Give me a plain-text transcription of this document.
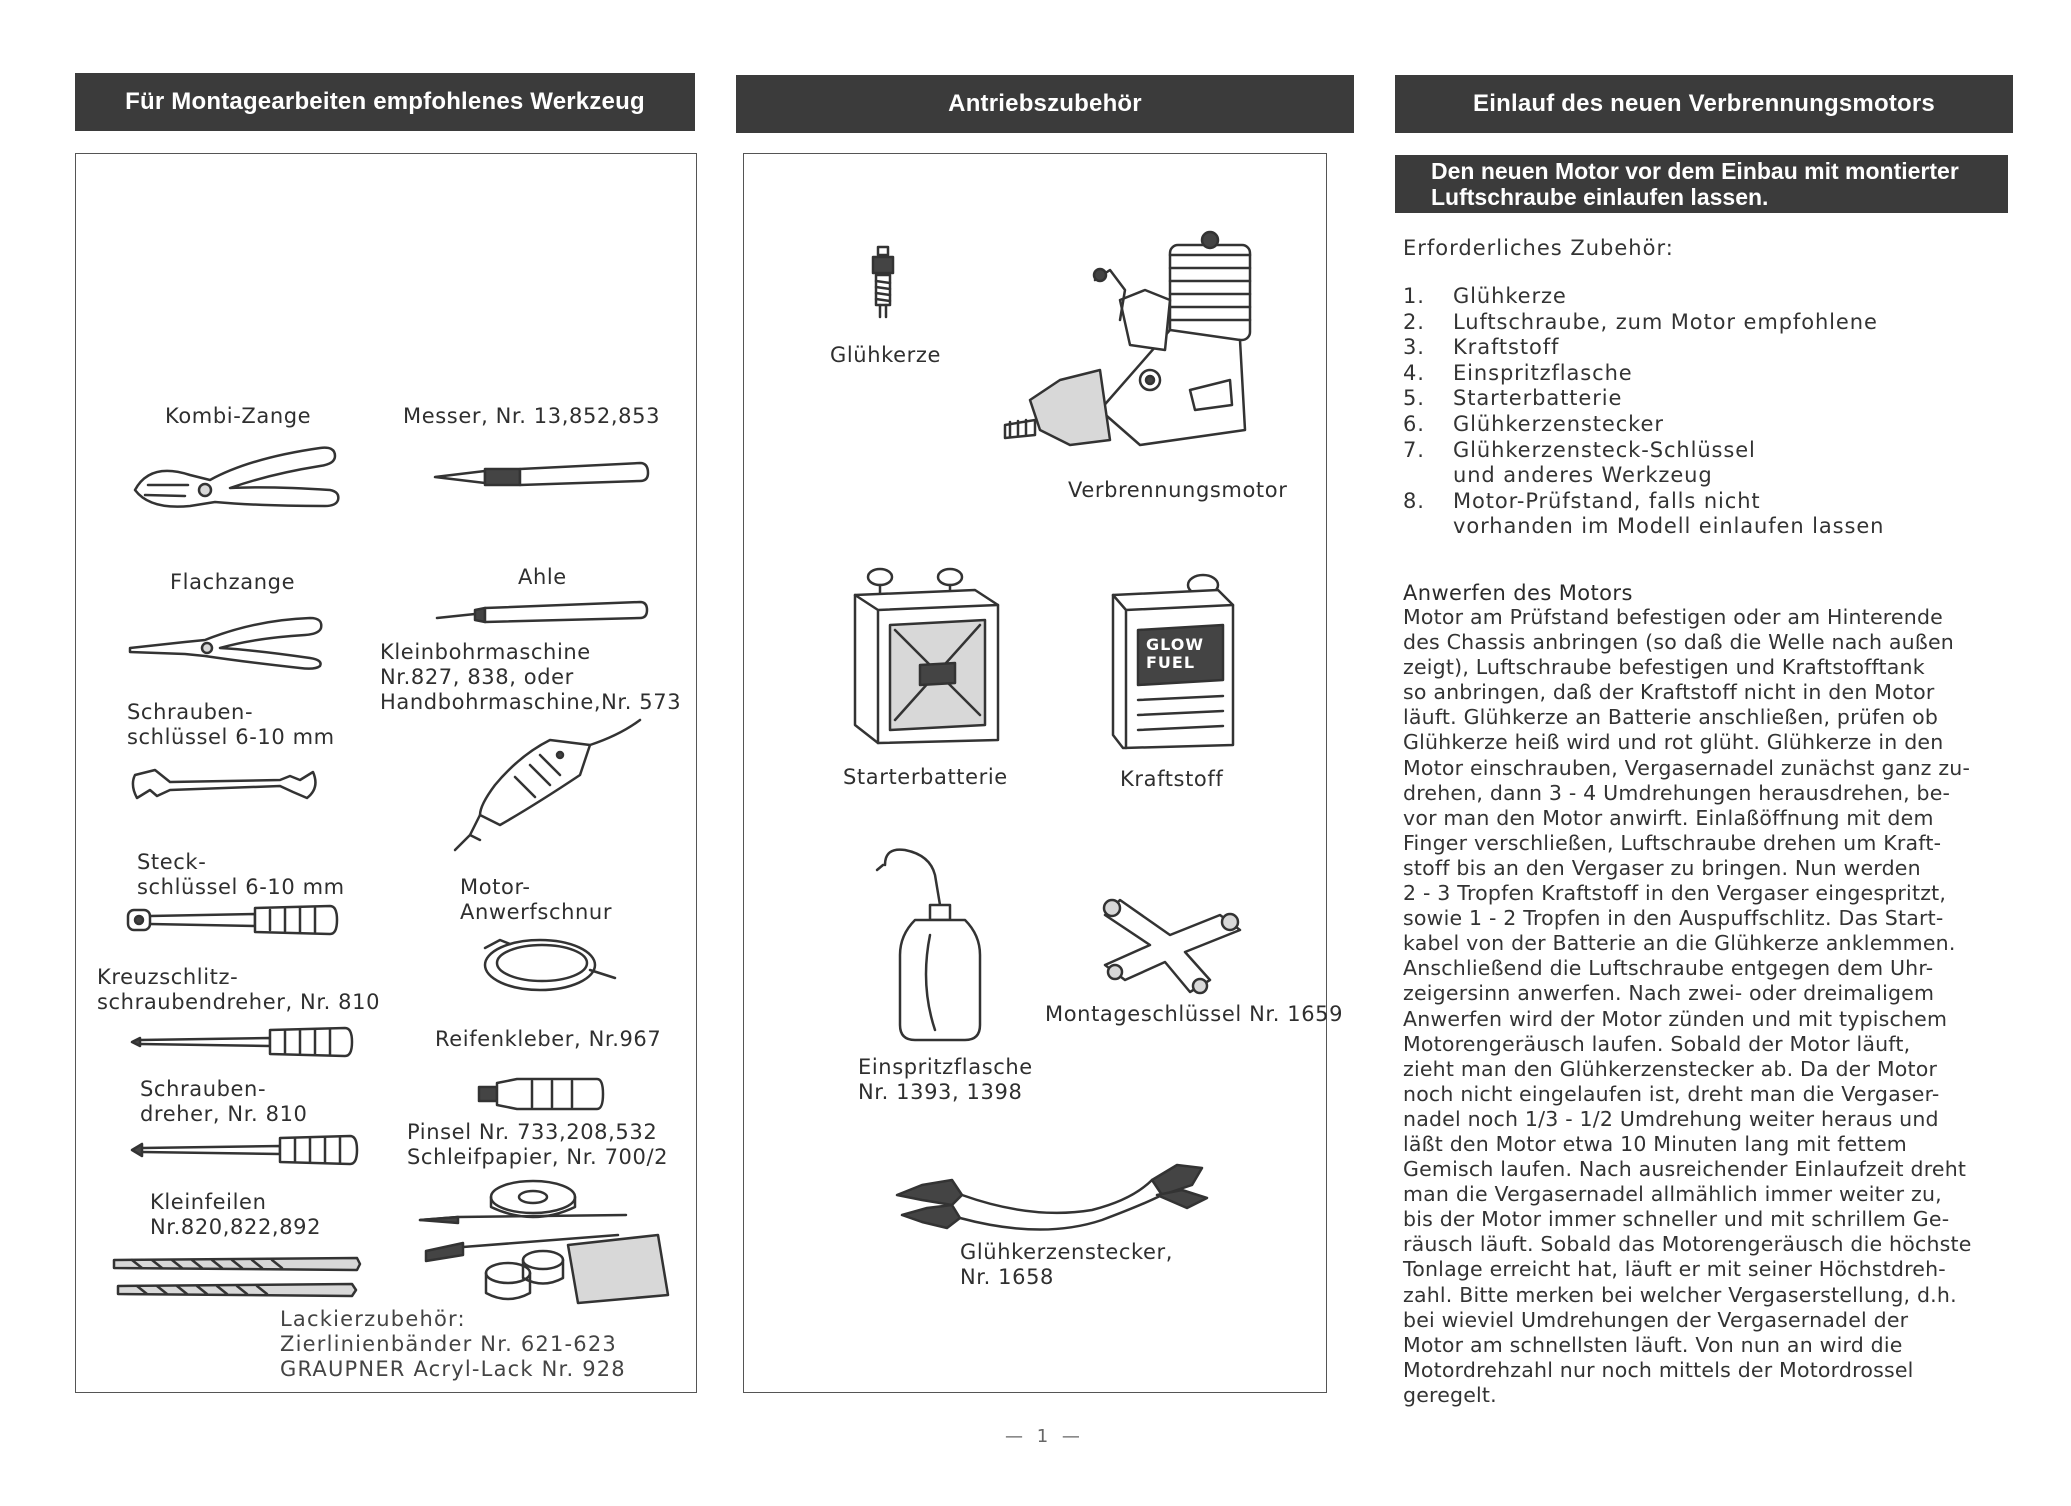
Für Montagearbeiten empfohlenes Werkzeug	Antriebszubehör	Einlauf des neuen Verbrennungsmotors
Kombi-Zange	Messer, Nr. 13,852,853
Flachzange	Ahle
Kleinbohrmaschine
Nr.827, 838, oder
Handbohrmaschine,Nr. 573
Schrauben-
schlüssel 6-10 mm
Steck-
schlüssel 6-10 mm	Motor-
Anwerfschnur
Kreuzschlitz-
schraubendreher, Nr. 810
Reifenkleber, Nr.967
Schrauben-
dreher, Nr. 810
Pinsel Nr. 733,208,532
Schleifpapier, Nr. 700/2
Kleinfeilen
Nr.820,822,892
Lackierzubehör:
Zierlinienbänder Nr. 621-623
GRAUPNER Acryl-Lack Nr. 928
Glühkerze
Verbrennungsmotor
Starterbatterie
GLOW FUEL
Kraftstoff
Einspritzflasche
Nr. 1393, 1398
Montageschlüssel Nr. 1659
Glühkerzenstecker,
Nr. 1658
Den neuen Motor vor dem Einbau mit montierter Luftschraube einlaufen lassen.
Erforderliches Zubehör:
1.	Glühkerze
2.	Luftschraube, zum Motor empfohlene
3.	Kraftstoff
4.	Einspritzflasche
5.	Starterbatterie
6.	Glühkerzenstecker
7.	Glühkerzensteck-Schlüssel
und anderes Werkzeug
8.	Motor-Prüfstand, falls nicht
vorhanden im Modell einlaufen lassen
Anwerfen des Motors
Motor am Prüfstand befestigen oder am Hinterende
des Chassis anbringen (so daß die Welle nach außen
zeigt), Luftschraube befestigen und Kraftstofftank
so anbringen, daß der Kraftstoff nicht in den Motor
läuft. Glühkerze an Batterie anschließen, prüfen ob
Glühkerze heiß wird und rot glüht. Glühkerze in den
Motor einschrauben, Vergasernadel zunächst ganz zu-
drehen, dann 3 - 4 Umdrehungen herausdrehen, be-
vor man den Motor anwirft. Einlaßöffnung mit dem
Finger verschließen, Luftschraube drehen um Kraft-
stoff bis an den Vergaser zu bringen. Nun werden
2 - 3 Tropfen Kraftstoff in den Vergaser eingespritzt,
sowie 1 - 2 Tropfen in den Auspuffschlitz. Das Start-
kabel von der Batterie an die Glühkerze anklemmen.
Anschließend die Luftschraube entgegen dem Uhr-
zeigersinn anwerfen. Nach zwei- oder dreimaligem
Anwerfen wird der Motor zünden und mit typischem
Motorengeräusch laufen. Sobald der Motor läuft,
zieht man den Glühkerzenstecker ab. Da der Motor
noch nicht eingelaufen ist, dreht man die Vergaser-
nadel noch 1/3 - 1/2 Umdrehung weiter heraus und
läßt den Motor etwa 10 Minuten lang mit fettem
Gemisch laufen. Nach ausreichender Einlaufzeit dreht
man die Vergasernadel allmählich immer weiter zu,
bis der Motor immer schneller und mit schrillem Ge-
räusch läuft. Sobald das Motorengeräusch die höchste
Tonlage erreicht hat, läuft er mit seiner Höchstdreh-
zahl. Bitte merken bei welcher Vergaserstellung, d.h.
bei wieviel Umdrehungen der Vergasernadel der
Motor am schnellsten läuft. Von nun an wird die
Motordrehzahl nur noch mittels der Motordrossel
geregelt.
— 1 —
